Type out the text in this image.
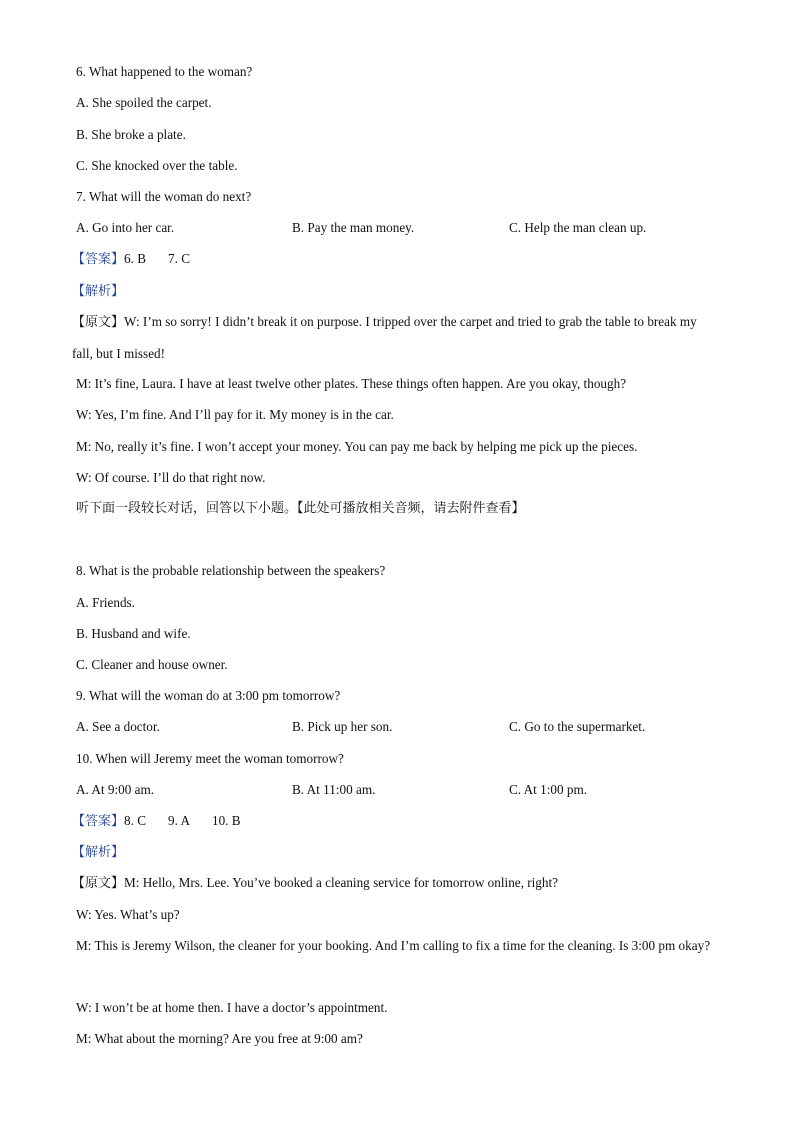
6. What happened to the woman?
A. She spoiled the carpet.
B. She broke a plate.
C. She knocked over the table.
7. What will the woman do next?
A. Go into her car.	B. Pay the man money.	C. Help the man clean up.
【答案】6. B 7. C
【解析】
【原文】W: I’m so sorry! I didn’t break it on purpose. I tripped over the carpet and tried to grab the table to break my fall, but I missed!
M: It’s fine, Laura. I have at least twelve other plates. These things often happen. Are you okay, though?
W: Yes, I’m fine. And I’ll pay for it. My money is in the car.
M: No, really it’s fine. I won’t accept your money. You can pay me back by helping me pick up the pieces.
W: Of course. I’ll do that right now.
听下面一段较长对话，回答以下小题。【此处可播放相关音频，请去附件查看】
8. What is the probable relationship between the speakers?
A. Friends.
B. Husband and wife.
C. Cleaner and house owner.
9. What will the woman do at 3:00 pm tomorrow?
A. See a doctor.	B. Pick up her son.	C. Go to the supermarket.
10. When will Jeremy meet the woman tomorrow?
A. At 9:00 am.	B. At 11:00 am.	C. At 1:00 pm.
【答案】8. C 9. A 10. B
【解析】
【原文】M: Hello, Mrs. Lee. You’ve booked a cleaning service for tomorrow online, right?
W: Yes. What’s up?
M: This is Jeremy Wilson, the cleaner for your booking. And I’m calling to fix a time for the cleaning. Is 3:00 pm okay?
W: I won’t be at home then. I have a doctor’s appointment.
M: What about the morning? Are you free at 9:00 am?
